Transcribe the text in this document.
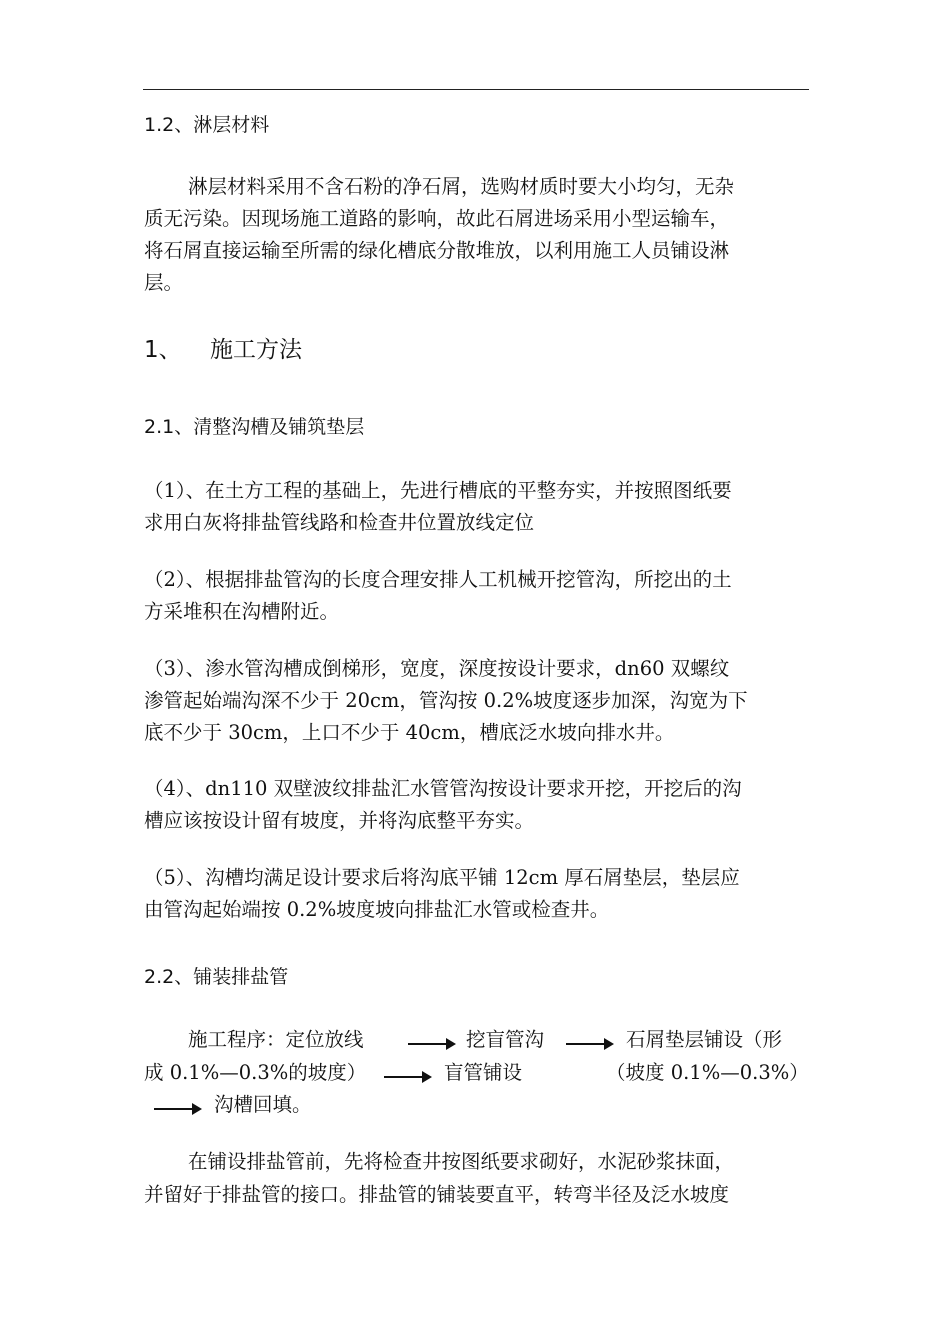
1.2、淋层材料
淋层材料采用不含石粉的净石屑，选购材质时要大小均匀，无杂
质无污染。因现场施工道路的影响，故此石屑进场采用小型运输车，
将石屑直接运输至所需的绿化槽底分散堆放，以利用施工人员铺设淋
层。
1、 施工方法
2.1、清整沟槽及铺筑垫层
（1）、在土方工程的基础上，先进行槽底的平整夯实，并按照图纸要
求用白灰将排盐管线路和检查井位置放线定位
（2）、根据排盐管沟的长度合理安排人工机械开挖管沟，所挖出的土
方采堆积在沟槽附近。
（3）、渗水管沟槽成倒梯形，宽度，深度按设计要求，dn60 双螺纹
渗管起始端沟深不少于 20cm，管沟按 0.2%坡度逐步加深，沟宽为下
底不少于 30cm，上口不少于 40cm，槽底泛水坡向排水井。
（4）、dn110 双壁波纹排盐汇水管管沟按设计要求开挖，开挖后的沟
槽应该按设计留有坡度，并将沟底整平夯实。
（5）、沟槽均满足设计要求后将沟底平铺 12cm 厚石屑垫层，垫层应
由管沟起始端按 0.2%坡度坡向排盐汇水管或检查井。
2.2、铺装排盐管
施工程序：定位放线	挖盲管沟	石屑垫层铺设（形
成 0.1%—0.3%的坡度）	盲管铺设	（坡度 0.1%—0.3%）
沟槽回填。
在铺设排盐管前，先将检查井按图纸要求砌好，水泥砂浆抹面，
并留好于排盐管的接口。排盐管的铺装要直平，转弯半径及泛水坡度
